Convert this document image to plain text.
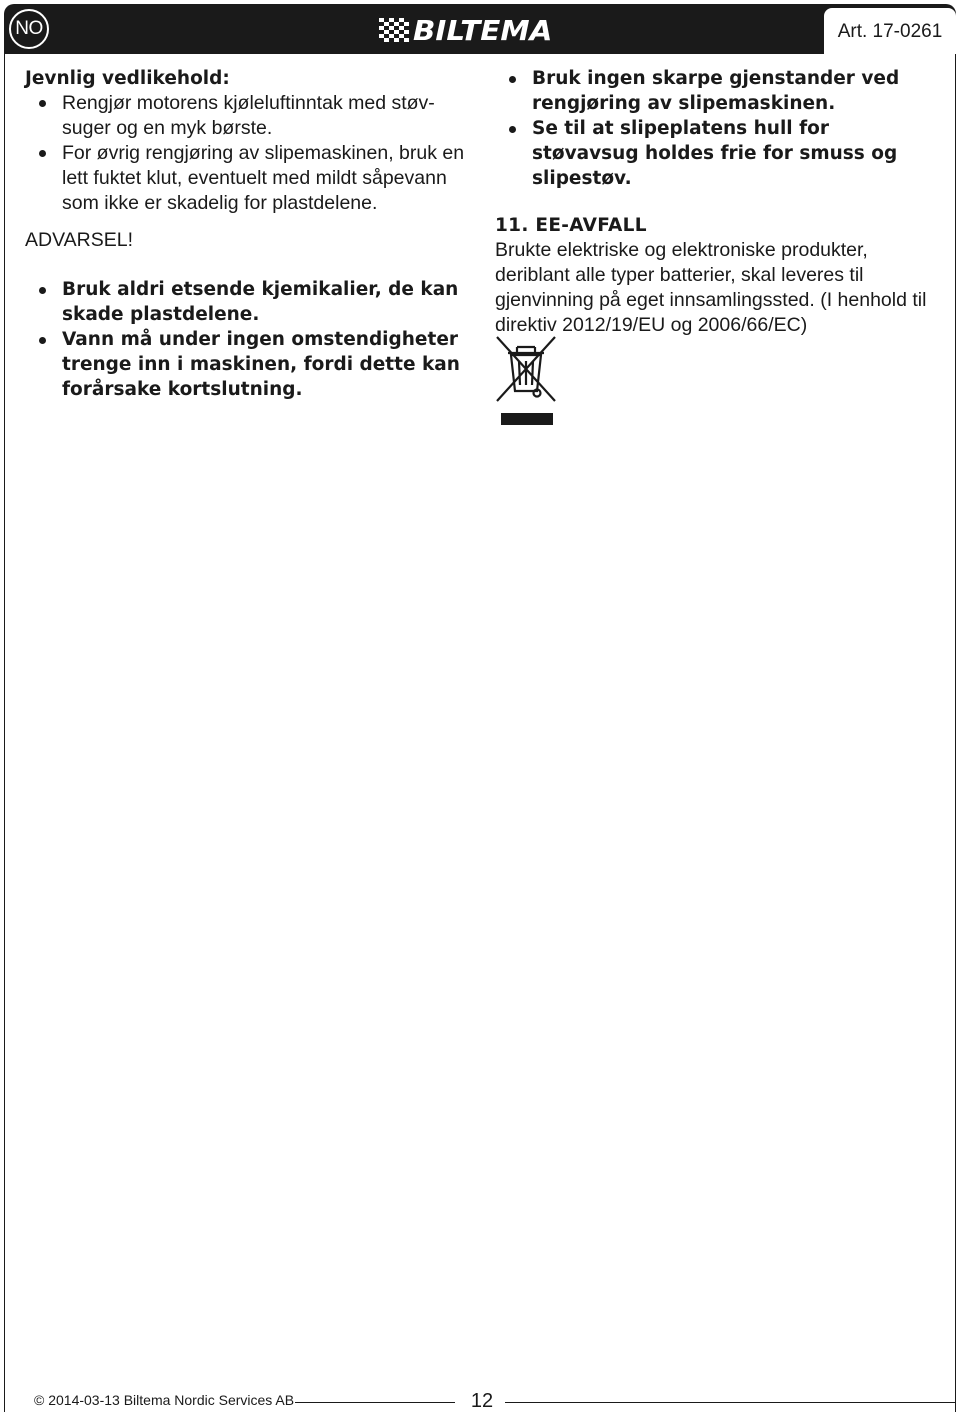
NO	BILTEMA	Art. 17-0261
Jevnlig vedlikehold:
Rengjør motorens kjøleluftinntak med støvsuger og en myk børste.
For øvrig rengjøring av slipemaskinen, bruk en lett fuktet klut, eventuelt med mildt såpevann som ikke er skadelig for plastdelene.
ADVARSEL!
Bruk aldri etsende kjemikalier, de kan skade plastdelene.
Vann må under ingen omstendigheter trenge inn i maskinen, fordi dette kan forårsake kortslutning.
Bruk ingen skarpe gjenstander ved rengjøring av slipemaskinen.
Se til at slipeplatens hull for støvavsug holdes frie for smuss og slipestøv.
11. EE-AVFALL
Brukte elektriske og elektroniske produkter, deriblant alle typer batterier, skal leveres til gjenvinning på eget innsamlingssted. (I henhold til direktiv 2012/19/EU og 2006/66/EC)
© 2014-03-13 Biltema Nordic Services AB	12
